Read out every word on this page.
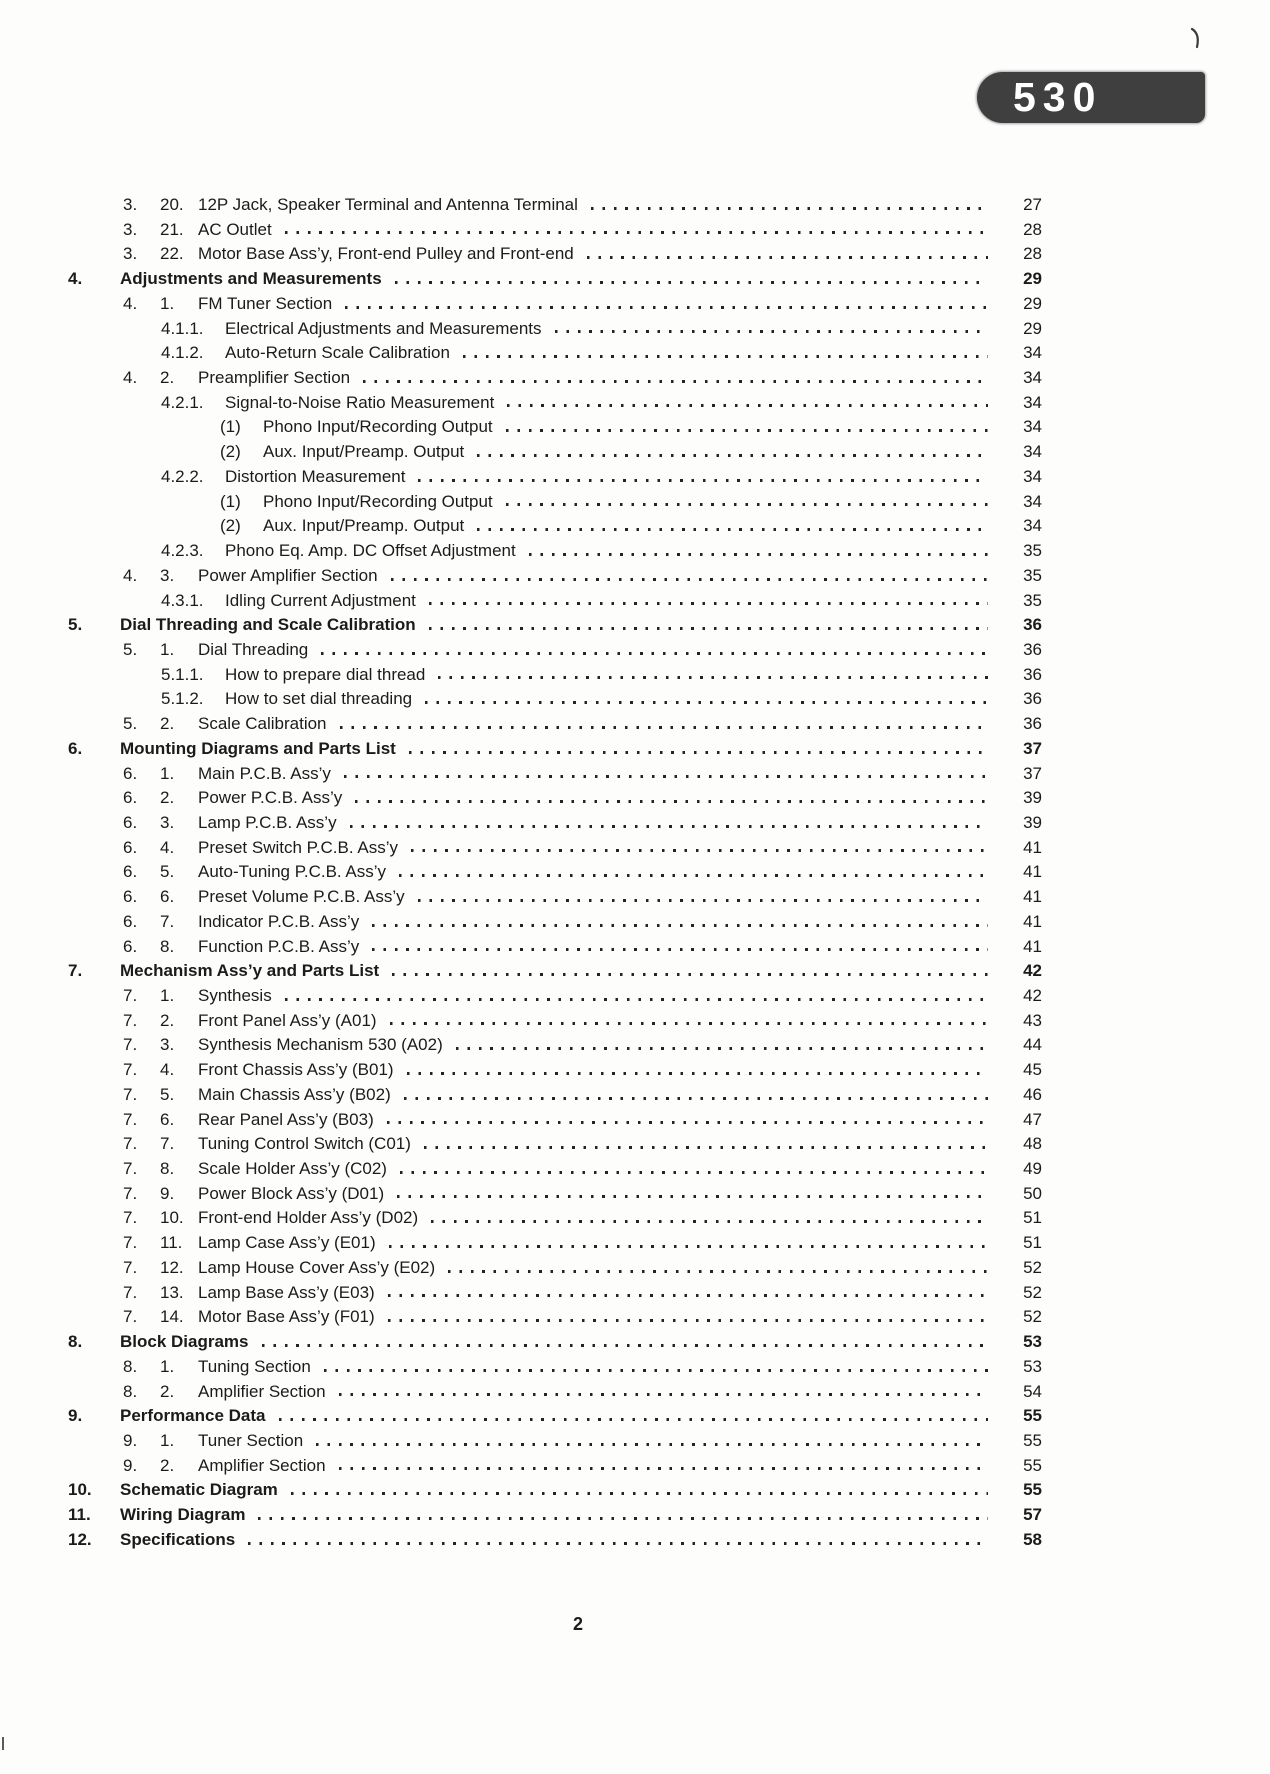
530
3.	20. 12P Jack, Speaker Terminal and Antenna Terminal	27
3.	21. AC Outlet	28
3.	22. Motor Base Ass’y, Front-end Pulley and Front-end	28
4.	Adjustments and Measurements	29
4.	1.	FM Tuner Section	29
4.1.1.	Electrical Adjustments and Measurements	29
4.1.2.	Auto-Return Scale Calibration	34
4.	2.	Preamplifier Section	34
4.2.1.	Signal-to-Noise Ratio Measurement	34
(1)	Phono Input/Recording Output	34
(2)	Aux. Input/Preamp. Output	34
4.2.2.	Distortion Measurement	34
(1)	Phono Input/Recording Output	34
(2)	Aux. Input/Preamp. Output	34
4.2.3.	Phono Eq. Amp. DC Offset Adjustment	35
4.	3.	Power Amplifier Section	35
4.3.1.	Idling Current Adjustment	35
5.	Dial Threading and Scale Calibration	36
5.	1.	Dial Threading	36
5.1.1.	How to prepare dial thread	36
5.1.2.	How to set dial threading	36
5.	2.	Scale Calibration	36
6.	Mounting Diagrams and Parts List	37
6.	1.	Main P.C.B. Ass’y	37
6.	2.	Power P.C.B. Ass’y	39
6.	3.	Lamp P.C.B. Ass’y	39
6.	4.	Preset Switch P.C.B. Ass’y	41
6.	5.	Auto-Tuning P.C.B. Ass’y	41
6.	6.	Preset Volume P.C.B. Ass’y	41
6.	7.	Indicator P.C.B. Ass’y	41
6.	8.	Function P.C.B. Ass’y	41
7.	Mechanism Ass’y and Parts List	42
7.	1.	Synthesis	42
7.	2.	Front Panel Ass’y (A01)	43
7.	3.	Synthesis Mechanism 530 (A02)	44
7.	4.	Front Chassis Ass’y (B01)	45
7.	5.	Main Chassis Ass’y (B02)	46
7.	6.	Rear Panel Ass’y (B03)	47
7.	7.	Tuning Control Switch (C01)	48
7.	8.	Scale Holder Ass’y (C02)	49
7.	9.	Power Block Ass’y (D01)	50
7.	10. Front-end Holder Ass’y (D02)	51
7.	11. Lamp Case Ass’y (E01)	51
7.	12. Lamp House Cover Ass’y (E02)	52
7.	13. Lamp Base Ass’y (E03)	52
7.	14. Motor Base Ass’y (F01)	52
8.	Block Diagrams	53
8.	1.	Tuning Section	53
8.	2.	Amplifier Section	54
9.	Performance Data	55
9.	1.	Tuner Section	55
9.	2.	Amplifier Section	55
10.	Schematic Diagram	55
11.	Wiring Diagram	57
12.	Specifications	58
2
